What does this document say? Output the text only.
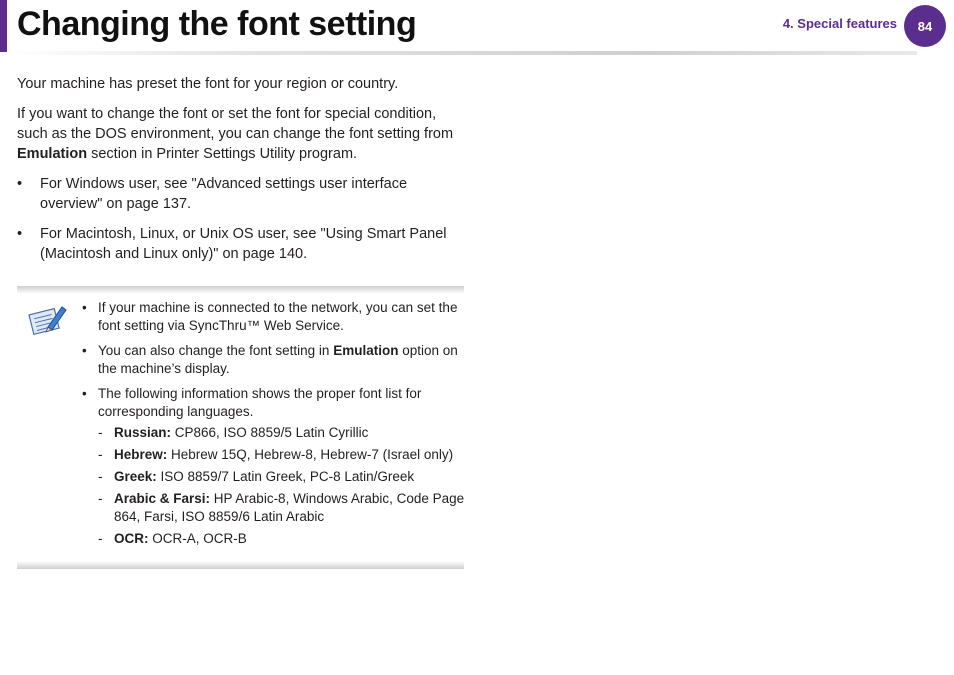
Changing the font setting	4. Special features 84

Your machine has preset the font for your region or country.

If you want to change the font or set the font for special condition, such as the DOS environment, you can change the font setting from Emulation section in Printer Settings Utility program.

• For Windows user, see "Advanced settings user interface overview" on page 137.
• For Macintosh, Linux, or Unix OS user, see "Using Smart Panel (Macintosh and Linux only)" on page 140.
• If your machine is connected to the network, you can set the font setting via SyncThru™ Web Service.
• You can also change the font setting in Emulation option on the machine’s display.
• The following information shows the proper font list for corresponding languages.
- Russian: CP866, ISO 8859/5 Latin Cyrillic
- Hebrew: Hebrew 15Q, Hebrew-8, Hebrew-7 (Israel only)
- Greek: ISO 8859/7 Latin Greek, PC-8 Latin/Greek
- Arabic & Farsi: HP Arabic-8, Windows Arabic, Code Page 864, Farsi, ISO 8859/6 Latin Arabic
- OCR: OCR-A, OCR-B
